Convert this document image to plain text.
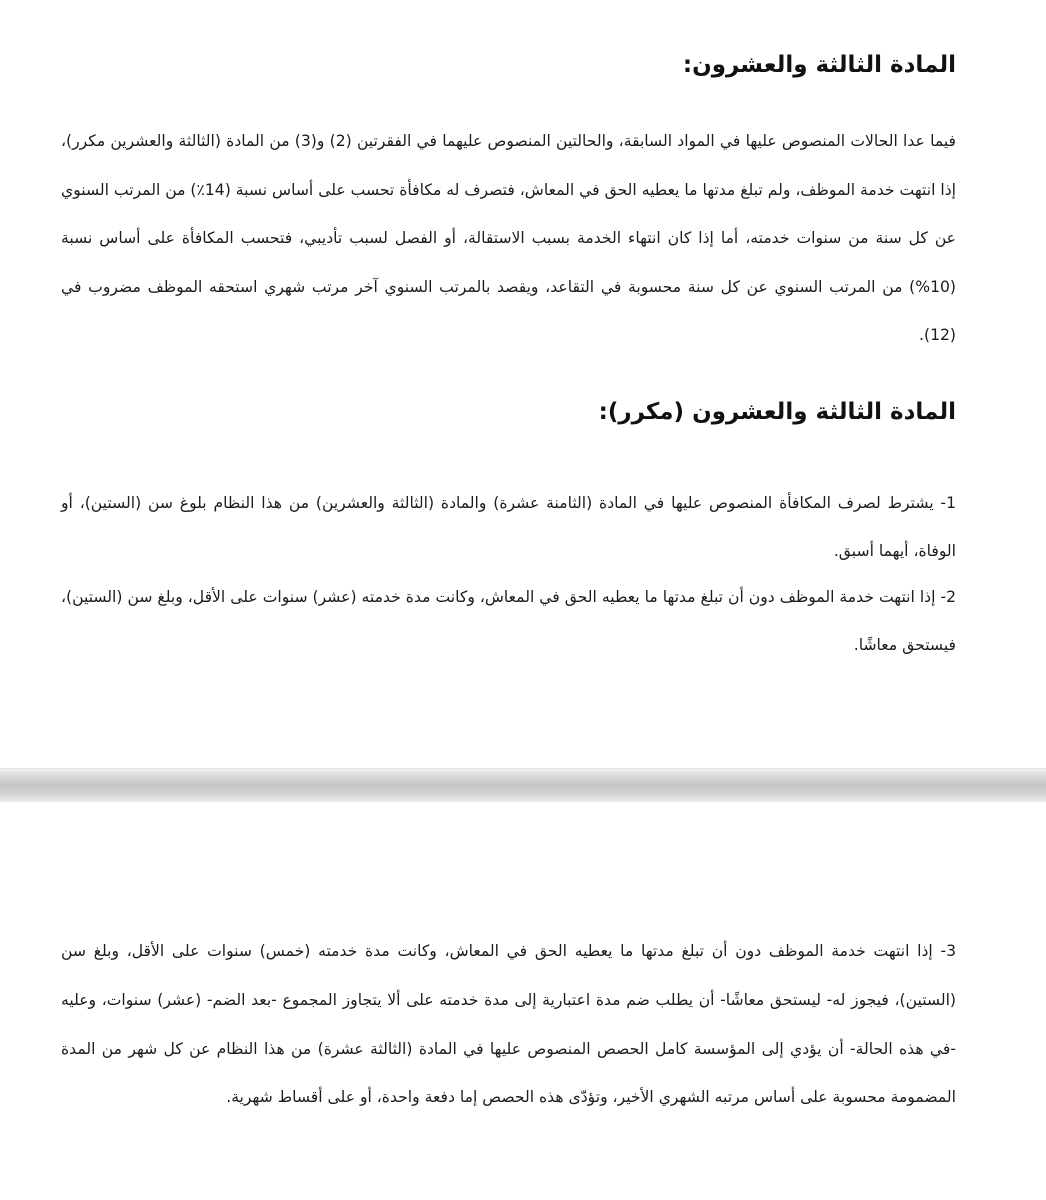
المادة الثالثة والعشرون:

فيما عدا الحالات المنصوص عليها في المواد السابقة، والحالتين المنصوص عليهما في الفقرتين (2) و(3) من المادة (الثالثة والعشرين مكرر)، إذا انتهت خدمة الموظف، ولم تبلغ مدتها ما يعطيه الحق في المعاش، فتصرف له مكافأة تحسب على أساس نسبة (14٪) من المرتب السنوي عن كل سنة من سنوات خدمته، أما إذا كان انتهاء الخدمة بسبب الاستقالة، أو الفصل لسبب تأديبي، فتحسب المكافأة على أساس نسبة (10%) من المرتب السنوي عن كل سنة محسوبة في التقاعد، ويقصد بالمرتب السنوي آخر مرتب شهري استحقه الموظف مضروب في (12).

المادة الثالثة والعشرون (مكرر):

1- يشترط لصرف المكافأة المنصوص عليها في المادة (الثامنة عشرة) والمادة (الثالثة والعشرين) من هذا النظام بلوغ سن (الستين)، أو الوفاة، أيهما أسبق.

2- إذا انتهت خدمة الموظف دون أن تبلغ مدتها ما يعطيه الحق في المعاش، وكانت مدة خدمته (عشر) سنوات على الأقل، وبلغ سن (الستين)، فيستحق معاشًا.

3- إذا انتهت خدمة الموظف دون أن تبلغ مدتها ما يعطيه الحق في المعاش، وكانت مدة خدمته (خمس) سنوات على الأقل، وبلغ سن (الستين)، فيجوز له- ليستحق معاشًا- أن يطلب ضم مدة اعتبارية إلى مدة خدمته على ألا يتجاوز المجموع -بعد الضم- (عشر) سنوات، وعليه -في هذه الحالة- أن يؤدي إلى المؤسسة كامل الحصص المنصوص عليها في المادة (الثالثة عشرة) من هذا النظام عن كل شهر من المدة المضمومة محسوبة على أساس مرتبه الشهري الأخير، وتؤدّى هذه الحصص إما دفعة واحدة، أو على أقساط شهرية.
